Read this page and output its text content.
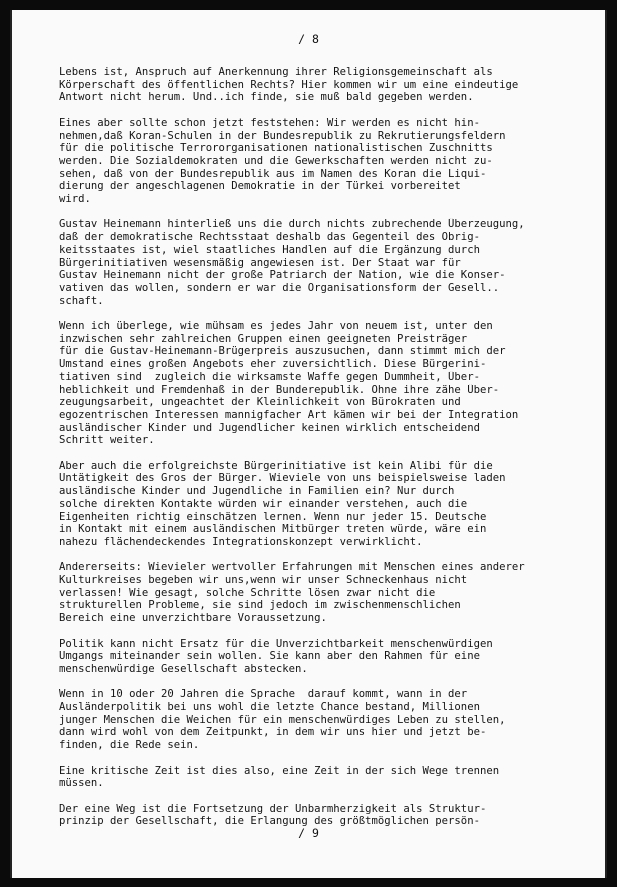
/ 8
Lebens ist, Anspruch auf Anerkennung ihrer Religionsgemeinschaft als
Körperschaft des öffentlichen Rechts? Hier kommen wir um eine eindeutige
Antwort nicht herum. Und..ich finde, sie muß bald gegeben werden.
Eines aber sollte schon jetzt feststehen: Wir werden es nicht hin-
nehmen,daß Koran-Schulen in der Bundesrepublik zu Rekrutierungsfeldern
für die politische Terrororganisationen nationalistischen Zuschnitts
werden. Die Sozialdemokraten und die Gewerkschaften werden nicht zu-
sehen, daß von der Bundesrepublik aus im Namen des Koran die Liqui-
dierung der angeschlagenen Demokratie in der Türkei vorbereitet
wird.
Gustav Heinemann hinterließ uns die durch nichts zubrechende Überzeugung,
daß der demokratische Rechtsstaat deshalb das Gegenteil des Obrig-
keitsstaates ist, wiel staatliches Handlen auf die Ergänzung durch
Bürgerinitiativen wesensmäßig angewiesen ist. Der Staat war für
Gustav Heinemann nicht der große Patriarch der Nation, wie die Konser-
vativen das wollen, sondern er war die Organisationsform der Gesell..
schaft.
Wenn ich überlege, wie mühsam es jedes Jahr von neuem ist, unter den
inzwischen sehr zahlreichen Gruppen einen geeigneten Preisträger
für die Gustav-Heinemann-Brügerpreis auszusuchen, dann stimmt mich der
Umstand eines großen Angebots eher zuversichtlich. Diese Bürgerini-
tiativen sind  zugleich die wirksamste Waffe gegen Dummheit, Über-
heblichkeit und Fremdenhaß in der Bunderepublik. Ohne ihre zähe Über-
zeugungsarbeit, ungeachtet der Kleinlichkeit von Bürokraten und
egozentrischen Interessen mannigfacher Art kämen wir bei der Integration
ausländischer Kinder und Jugendlicher keinen wirklich entscheidend
Schritt weiter.
Aber auch die erfolgreichste Bürgerinitiative ist kein Alibi für die
Untätigkeit des Gros der Bürger. Wieviele von uns beispielsweise laden
ausländische Kinder und Jugendliche in Familien ein? Nur durch
solche direkten Kontakte würden wir einander verstehen, auch die
Eigenheiten richtig einschätzen lernen. Wenn nur jeder 15. Deutsche
in Kontakt mit einem ausländischen Mitbürger treten würde, wäre ein
nahezu flächendeckendes Integrationskonzept verwirklicht.
Andererseits: Wievieler wertvoller Erfahrungen mit Menschen eines anderer
Kulturkreises begeben wir uns,wenn wir unser Schneckenhaus nicht
verlassen! Wie gesagt, solche Schritte lösen zwar nicht die
strukturellen Probleme, sie sind jedoch im zwischenmenschlichen
Bereich eine unverzichtbare Voraussetzung.
Politik kann nicht Ersatz für die Unverzichtbarkeit menschenwürdigen
Umgangs miteinander sein wollen. Sie kann aber den Rahmen für eine
menschenwürdige Gesellschaft abstecken.
Wenn in 10 oder 20 Jahren die Sprache  darauf kommt, wann in der
Ausländerpolitik bei uns wohl die letzte Chance bestand, Millionen
junger Menschen die Weichen für ein menschenwürdiges Leben zu stellen,
dann wird wohl von dem Zeitpunkt, in dem wir uns hier und jetzt be-
finden, die Rede sein.
Eine kritische Zeit ist dies also, eine Zeit in der sich Wege trennen
müssen.
Der eine Weg ist die Fortsetzung der Unbarmherzigkeit als Struktur-
prinzip der Gesellschaft, die Erlangung des größtmöglichen persön-
/ 9
